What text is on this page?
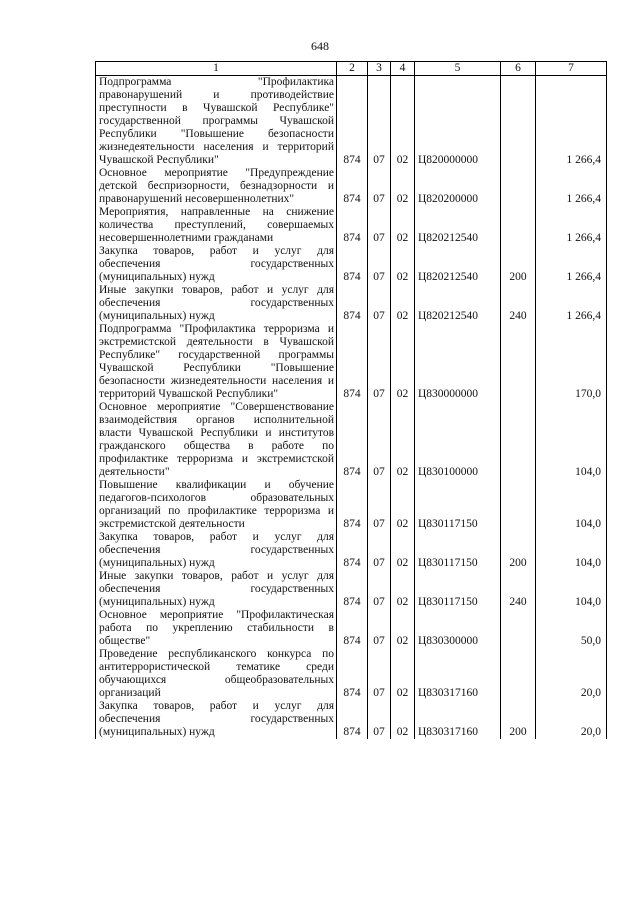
648
1	2	3	4	5	6	7
Подпрограмма "Профилактика правонарушений и противодействие преступности в Чувашской Республике" государственной программы Чувашской Республики "Повышение безопасности жизнедеятельности населения и территорий Чувашской Республики"	874	07	02	Ц820000000		1 266,4
Основное мероприятие "Предупреждение детской беспризорности, безнадзорности и правонарушений несовершеннолетних"	874	07	02	Ц820200000		1 266,4
Мероприятия, направленные на снижение количества преступлений, совершаемых несовершеннолетними гражданами	874	07	02	Ц820212540		1 266,4
Закупка товаров, работ и услуг для обеспечения государственных (муниципальных) нужд	874	07	02	Ц820212540	200	1 266,4
Иные закупки товаров, работ и услуг для обеспечения государственных (муниципальных) нужд	874	07	02	Ц820212540	240	1 266,4
Подпрограмма "Профилактика терроризма и экстремистской деятельности в Чувашской Республике" государственной программы Чувашской Республики "Повышение безопасности жизнедеятельности населения и территорий Чувашской Республики"	874	07	02	Ц830000000		170,0
Основное мероприятие "Совершенствование взаимодействия органов исполнительной власти Чувашской Республики и институтов гражданского общества в работе по профилактике терроризма и экстремистской деятельности"	874	07	02	Ц830100000		104,0
Повышение квалификации и обучение педагогов-психологов образовательных организаций по профилактике терроризма и экстремистской деятельности	874	07	02	Ц830117150		104,0
Закупка товаров, работ и услуг для обеспечения государственных (муниципальных) нужд	874	07	02	Ц830117150	200	104,0
Иные закупки товаров, работ и услуг для обеспечения государственных (муниципальных) нужд	874	07	02	Ц830117150	240	104,0
Основное мероприятие "Профилактическая работа по укреплению стабильности в обществе"	874	07	02	Ц830300000		50,0
Проведение республиканского конкурса по антитеррористической тематике среди обучающихся общеобразовательных организаций	874	07	02	Ц830317160		20,0
Закупка товаров, работ и услуг для обеспечения государственных (муниципальных) нужд	874	07	02	Ц830317160	200	20,0
